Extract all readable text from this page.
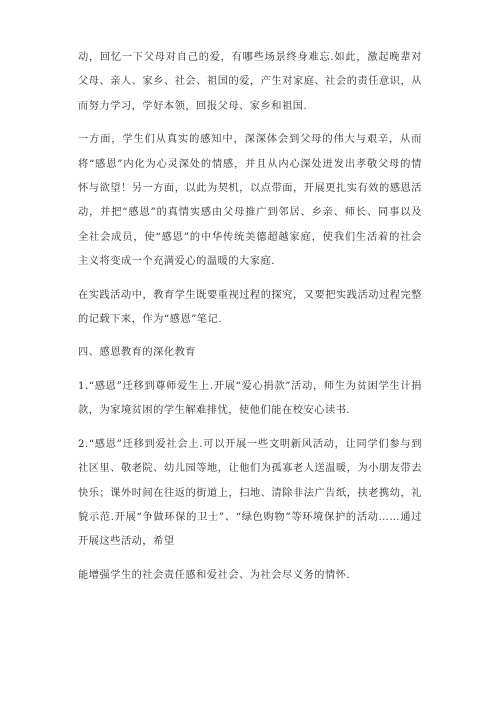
动，回忆一下父母对自己的爱，有哪些场景终身难忘.如此，激起晚辈对父母、亲人、家乡、社会、祖国的爱，产生对家庭、社会的责任意识，从而努力学习，学好本领，回报父母、家乡和祖国.

一方面，学生们从真实的感知中，深深体会到父母的伟大与艰辛，从而将“感恩”内化为心灵深处的情感，并且从内心深处迸发出孝敬父母的情怀与欲望！另一方面，以此为契机，以点带面，开展更扎实有效的感恩活动，并把“感恩”的真情实感由父母推广到邻居、乡亲、师长、同事以及全社会成员，使“感恩”的中华传统美德超越家庭，使我们生活着的社会主义将变成一个充满爱心的温暖的大家庭.

在实践活动中，教育学生既要重视过程的探究，又要把实践活动过程完整的记载下来，作为“感恩”笔记.

四、感恩教育的深化教育

1.“感恩”迁移到尊师爱生上.开展“爱心捐款”活动，师生为贫困学生计捐款，为家境贫困的学生解难排忧，使他们能在校安心读书.

2.“感恩”迁移到爱社会上.可以开展一些文明新风活动，让同学们参与到社区里、敬老院、幼儿园等地，让他们为孤寡老人送温暖，为小朋友带去快乐；课外时间在往返的街道上，扫地、清除非法广告纸，扶老携幼，礼貌示范.开展“争做环保的卫士”、“绿色购物”等环境保护的活动……通过开展这些活动，希望

能增强学生的社会责任感和爱社会、为社会尽义务的情怀.
